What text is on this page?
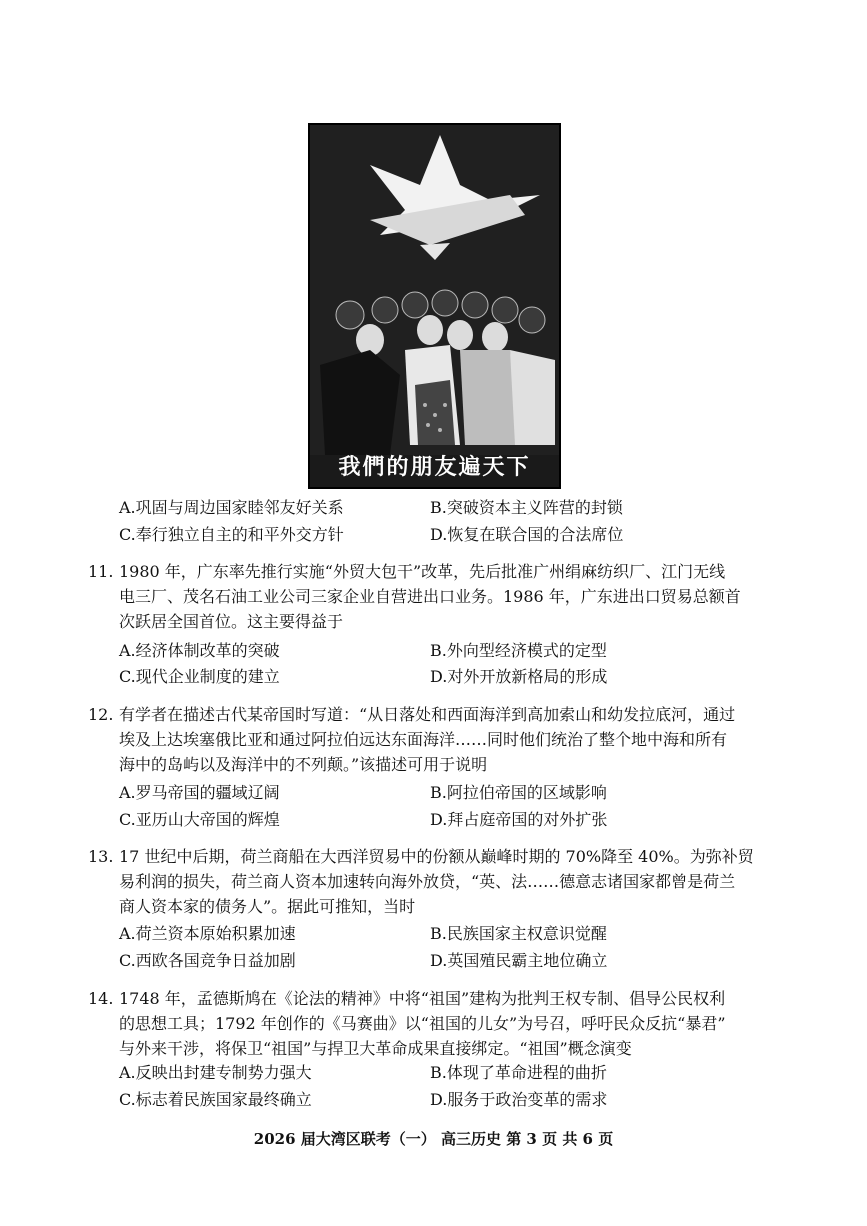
我們的朋友遍天下
A.巩固与周边国家睦邻友好关系	B.突破资本主义阵营的封锁
C.奉行独立自主的和平外交方针	D.恢复在联合国的合法席位
11. 1980 年，广东率先推行实施“外贸大包干”改革，先后批准广州绢麻纺织厂、江门无线
电三厂、茂名石油工业公司三家企业自营进出口业务。1986 年，广东进出口贸易总额首
次跃居全国首位。这主要得益于
A.经济体制改革的突破	B.外向型经济模式的定型
C.现代企业制度的建立	D.对外开放新格局的形成
12. 有学者在描述古代某帝国时写道：“从日落处和西面海洋到高加索山和幼发拉底河，通过
埃及上达埃塞俄比亚和通过阿拉伯远达东面海洋……同时他们统治了整个地中海和所有
海中的岛屿以及海洋中的不列颠。”该描述可用于说明
A.罗马帝国的疆域辽阔	B.阿拉伯帝国的区域影响
C.亚历山大帝国的辉煌	D.拜占庭帝国的对外扩张
13. 17 世纪中后期，荷兰商船在大西洋贸易中的份额从巅峰时期的 70%降至 40%。为弥补贸
易利润的损失，荷兰商人资本加速转向海外放贷，“英、法……德意志诸国家都曾是荷兰
商人资本家的债务人”。据此可推知，当时
A.荷兰资本原始积累加速	B.民族国家主权意识觉醒
C.西欧各国竞争日益加剧	D.英国殖民霸主地位确立
14. 1748 年，孟德斯鸠在《论法的精神》中将“祖国”建构为批判王权专制、倡导公民权利
的思想工具；1792 年创作的《马赛曲》以“祖国的儿女”为号召，呼吁民众反抗“暴君”
与外来干涉，将保卫“祖国”与捍卫大革命成果直接绑定。“祖国”概念演变
A.反映出封建专制势力强大	B.体现了革命进程的曲折
C.标志着民族国家最终确立	D.服务于政治变革的需求
2026 届大湾区联考（一） 高三历史 第 3 页 共 6 页
